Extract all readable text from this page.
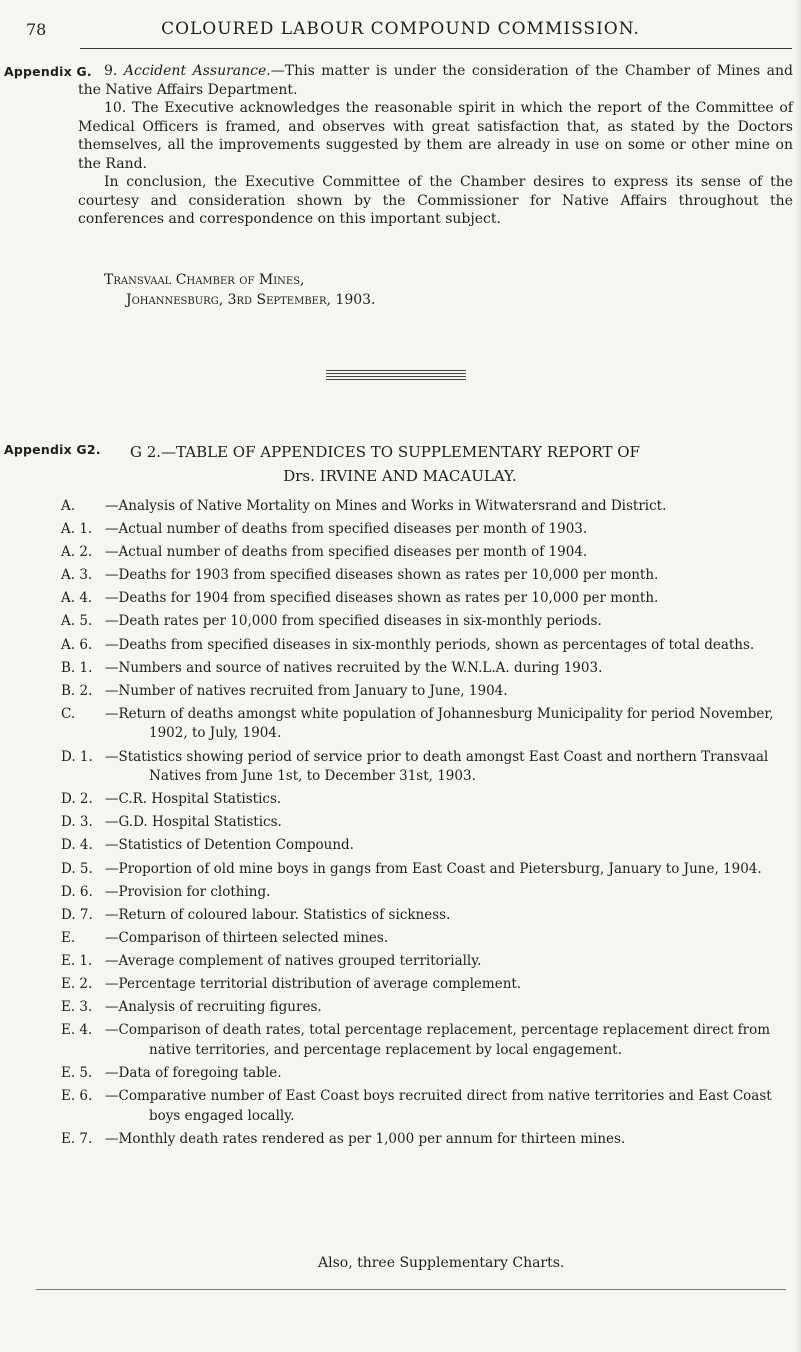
78	COLOURED LABOUR COMPOUND COMMISSION.
Appendix G.
Appendix G2.

9. Accident Assurance.—This matter is under the consideration of the Chamber of Mines and the Native Affairs Department.

10. The Executive acknowledges the reasonable spirit in which the report of the Committee of Medical Officers is framed, and observes with great satisfaction that, as stated by the Doctors themselves, all the improvements suggested by them are already in use on some or other mine on the Rand.

In conclusion, the Executive Committee of the Chamber desires to express its sense of the courtesy and consideration shown by the Commissioner for Native Affairs throughout the conferences and correspondence on this important subject.

Transvaal Chamber of Mines,
Johannesburg, 3rd September, 1903.
G 2.—TABLE OF APPENDICES TO SUPPLEMENTARY REPORT OF
Drs. IRVINE AND MACAULAY.
A. —Analysis of Native Mortality on Mines and Works in Witwatersrand and District.
A. 1. —Actual number of deaths from specified diseases per month of 1903.
A. 2. —Actual number of deaths from specified diseases per month of 1904.
A. 3. —Deaths for 1903 from specified diseases shown as rates per 10,000 per month.
A. 4. —Deaths for 1904 from specified diseases shown as rates per 10,000 per month.
A. 5. —Death rates per 10,000 from specified diseases in six-monthly periods.
A. 6. —Deaths from specified diseases in six-monthly periods, shown as percentages of total deaths.
B. 1. —Numbers and source of natives recruited by the W.N.L.A. during 1903.
B. 2. —Number of natives recruited from January to June, 1904.
C. —Return of deaths amongst white population of Johannesburg Municipality for period November, 1902, to July, 1904.
D. 1. —Statistics showing period of service prior to death amongst East Coast and northern Transvaal Natives from June 1st, to December 31st, 1903.
D. 2. —C.R. Hospital Statistics.
D. 3. —G.D. Hospital Statistics.
D. 4. —Statistics of Detention Compound.
D. 5. —Proportion of old mine boys in gangs from East Coast and Pietersburg, January to June, 1904.
D. 6. —Provision for clothing.
D. 7. —Return of coloured labour. Statistics of sickness.
E. —Comparison of thirteen selected mines.
E. 1. —Average complement of natives grouped territorially.
E. 2. —Percentage territorial distribution of average complement.
E. 3. —Analysis of recruiting figures.
E. 4. —Comparison of death rates, total percentage replacement, percentage replacement direct from native territories, and percentage replacement by local engagement.
E. 5. —Data of foregoing table.
E. 6. —Comparative number of East Coast boys recruited direct from native territories and East Coast boys engaged locally.
E. 7. —Monthly death rates rendered as per 1,000 per annum for thirteen mines.
Also, three Supplementary Charts.
